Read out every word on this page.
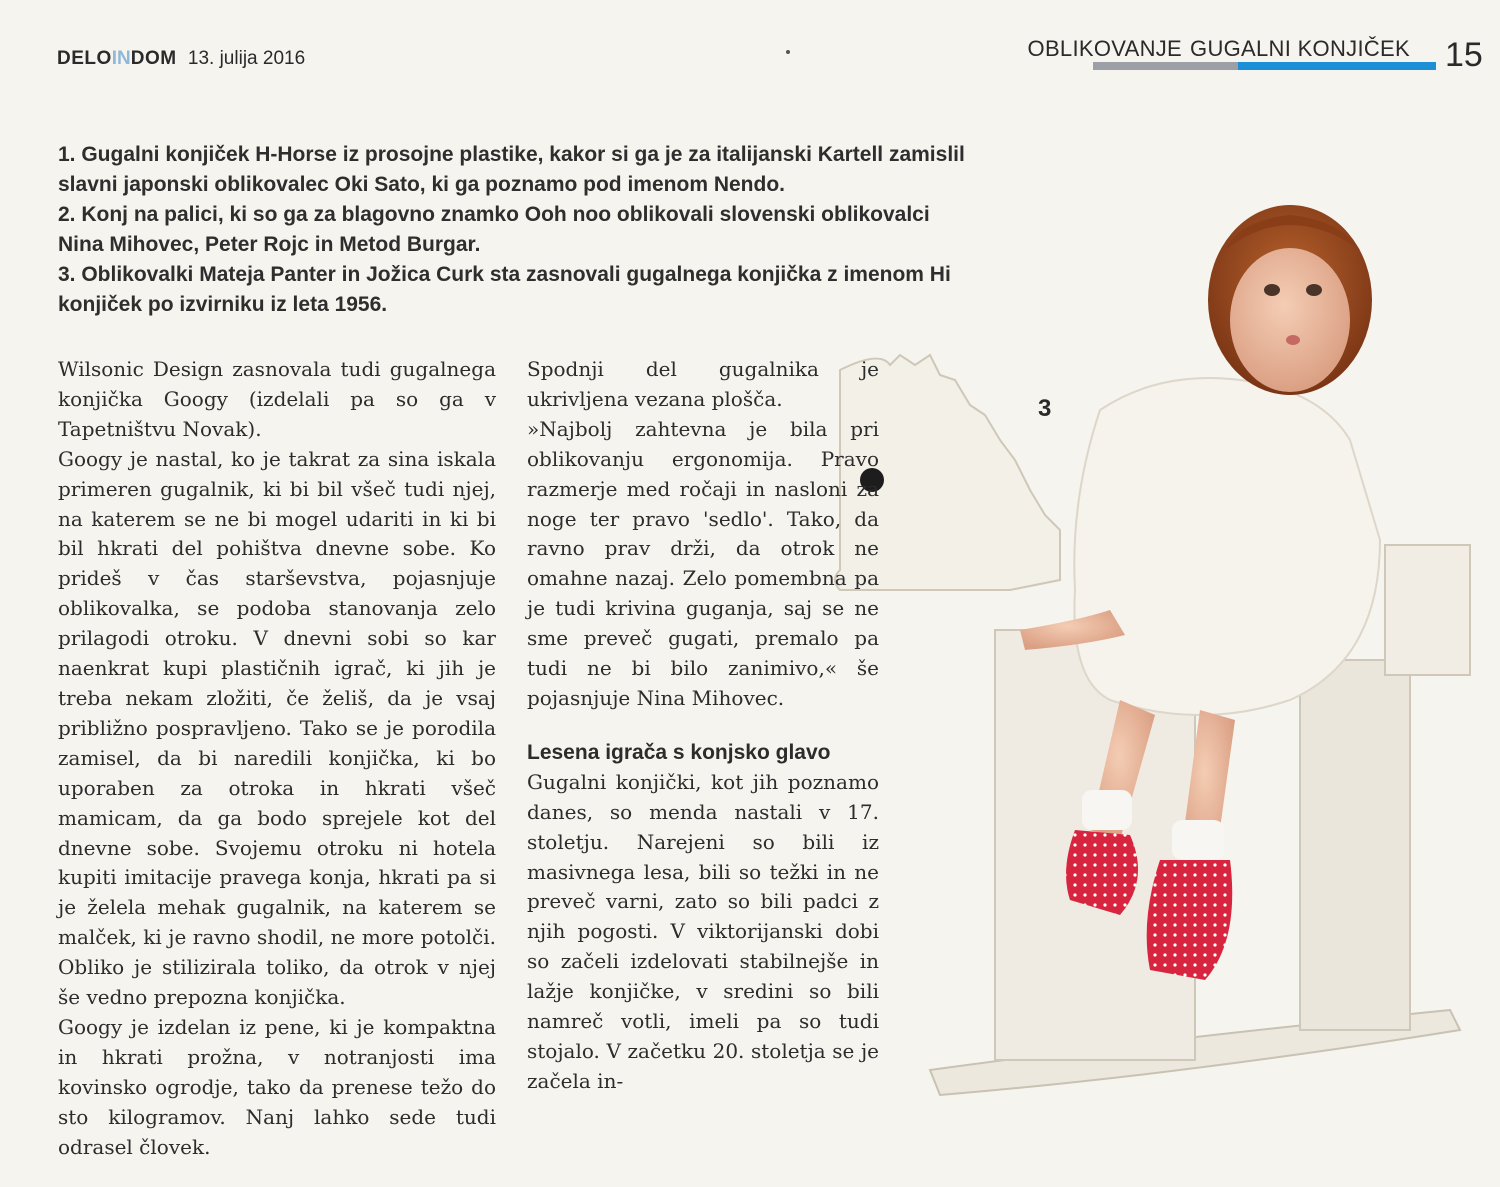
DELOINDOM 13. julija 2016	OBLIKOVANJE GUGALNI KONJIČEK 15

1. Gugalni konjiček H-Horse iz prosojne plastike, kakor si ga je za italijanski Kartell zamislil slavni japonski oblikovalec Oki Sato, ki ga poznamo pod imenom Nendo.

2. Konj na palici, ki so ga za blagovno znamko Ooh noo oblikovali slovenski oblikovalci Nina Mihovec, Peter Rojc in Metod Burgar.

3. Oblikovalki Mateja Panter in Jožica Curk sta zasnovali gugalnega konjička z imenom Hi konjiček po izvirniku iz leta 1956.

3

Wilsonic Design zasnovala tudi gugalnega konjička Googy (izdelali pa so ga v Tapetništvu Novak).

Googy je nastal, ko je takrat za sina iskala primeren gugalnik, ki bi bil všeč tudi njej, na katerem se ne bi mogel udariti in ki bi bil hkrati del pohištva dnevne sobe. Ko prideš v čas starševstva, pojasnjuje oblikovalka, se podoba stanovanja zelo prilagodi otroku. V dnevni sobi so kar naenkrat kupi plastičnih igrač, ki jih je treba nekam zložiti, če želiš, da je vsaj približno pospravljeno. Tako se je porodila zamisel, da bi naredili konjička, ki bo uporaben za otroka in hkrati všeč mamicam, da ga bodo sprejele kot del dnevne sobe. Svojemu otroku ni hotela kupiti imitacije pravega konja, hkrati pa si je želela mehak gugalnik, na katerem se malček, ki je ravno shodil, ne more potolči. Obliko je stilizirala toliko, da otrok v njej še vedno prepozna konjička.

Googy je izdelan iz pene, ki je kompaktna in hkrati prožna, v notranjosti ima kovinsko ogrodje, tako da prenese težo do sto kilogramov. Nanj lahko sede tudi odrasel človek.

Spodnji del gugalnika je ukrivljena vezana plošča.

»Najbolj zahtevna je bila pri oblikovanju ergonomija. Pravo razmerje med ročaji in nasloni za noge ter pravo 'sedlo'. Tako, da ravno prav drži, da otrok ne omahne nazaj. Zelo pomembna pa je tudi krivina guganja, saj se ne sme preveč gugati, premalo pa tudi ne bi bilo zanimivo,« še pojasnjuje Nina Mihovec.

Lesena igrača s konjsko glavo

Gugalni konjički, kot jih poznamo danes, so menda nastali v 17. stoletju. Narejeni so bili iz masivnega lesa, bili so težki in ne preveč varni, zato so bili padci z njih pogosti. V viktorijanski dobi so začeli izdelovati stabilnejše in lažje konjičke, v sredini so bili namreč votli, imeli pa so tudi stojalo. V začetku 20. stoletja se je začela in-
